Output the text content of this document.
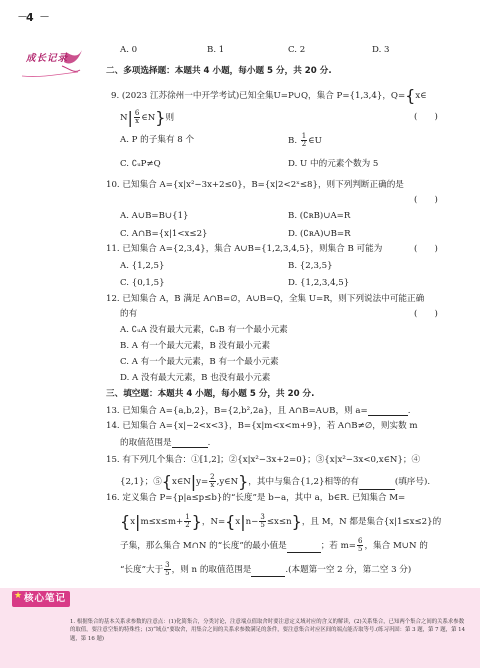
— 4 —
成长记录
A. 0	B. 1	C. 2	D. 3
二、多项选择题：本题共 4 小题，每小题 5 分，共 20 分.
9. (2023 江苏徐州一中开学考试)已知全集U=P∪Q，集合 P={1,3,4}，Q={x∈
$N| \frac{6}{x}$ ∈N}则	(　　)
A. P 的子集有 8 个	B. $\frac{1}{2}$ ∈U
C. ∁ᵤP≠Q	D. U 中的元素个数为 5
10. 已知集合 A={x|x²−3x+2≤0}，B={x|2<2ˣ≤8}，则下列判断正确的是
(　　)
A. A∪B=B∪{1}	B. (∁ʀB)∪A=R
C. A∩B={x|1<x≤2}	D. (∁ʀA)∪B=R
11. 已知集合 A={2,3,4}，集合 A∪B={1,2,3,4,5}，则集合 B 可能为	(　　)
A. {1,2,5}	B. {2,3,5}
C. {0,1,5}	D. {1,2,3,4,5}
12. 已知集合 A，B 满足 A∩B=∅，A∪B=Q，全集 U=R，则下列说法中可能正确
的有	(　　)
A. ∁ᵤA 没有最大元素，∁ᵤB 有一个最小元素
B. A 有一个最大元素，B 没有最小元素
C. A 有一个最大元素，B 有一个最小元素
D. A 没有最大元素，B 也没有最小元素
三、填空题：本题共 4 小题，每小题 5 分，共 20 分.
13. 已知集合 A={a,b,2}，B={2,b²,2a}，且 A∩B=A∪B，则 a=	.
14. 已知集合 A={x|−2<x<3}，B={x|m<x<m+9}，若 A∩B≠∅，则实数 m
的取值范围是	.
15. 有下列几个集合：①[1,2]；②{x|x²−3x+2=0}；③{x|x²−3x<0,x∈N}；④
{2,1}；⑤{x∈N|y= $\frac{2}{x}$ ,y∈N}，其中与集合{1,2}相等的有	(填序号).
16. 定义集合 P={p|a≤p≤b}的“长度”是 b−a，其中 a，b∈R. 已知集合 M=
{$x|m\le x\le m+ \frac{1}{2}$ }，$N=\{x|n- \frac{3}{5} \le x\le n\}$，且 M，N 都是集合{x|1≤x≤2}的
子集，那么集合 M∩N 的“长度”的最小值是	；若 $m= \frac{6}{5}$ ，集合 M∪N 的
“长度”大于 $\frac{3}{5}$ ，则 n 的取值范围是	.(本题第一空 2 分，第二空 3 分)
★ 核心笔记
1. 根据集合的基本关系求参数的注意点：(1)化简集合，分类讨论，注意端点值取舍时要注意定义域对应的含义的解读，(2)关系集合，已知两个集合之间的关系求参数的取值，要注意空集的特殊性；(3)“域点”要取舍，用集合之间的关系求参数满足的条件，要注意集合对应区间的端点能否取等号.(练习巩固：第 3 题，第 7 题，第 14 题，第 16 题)
